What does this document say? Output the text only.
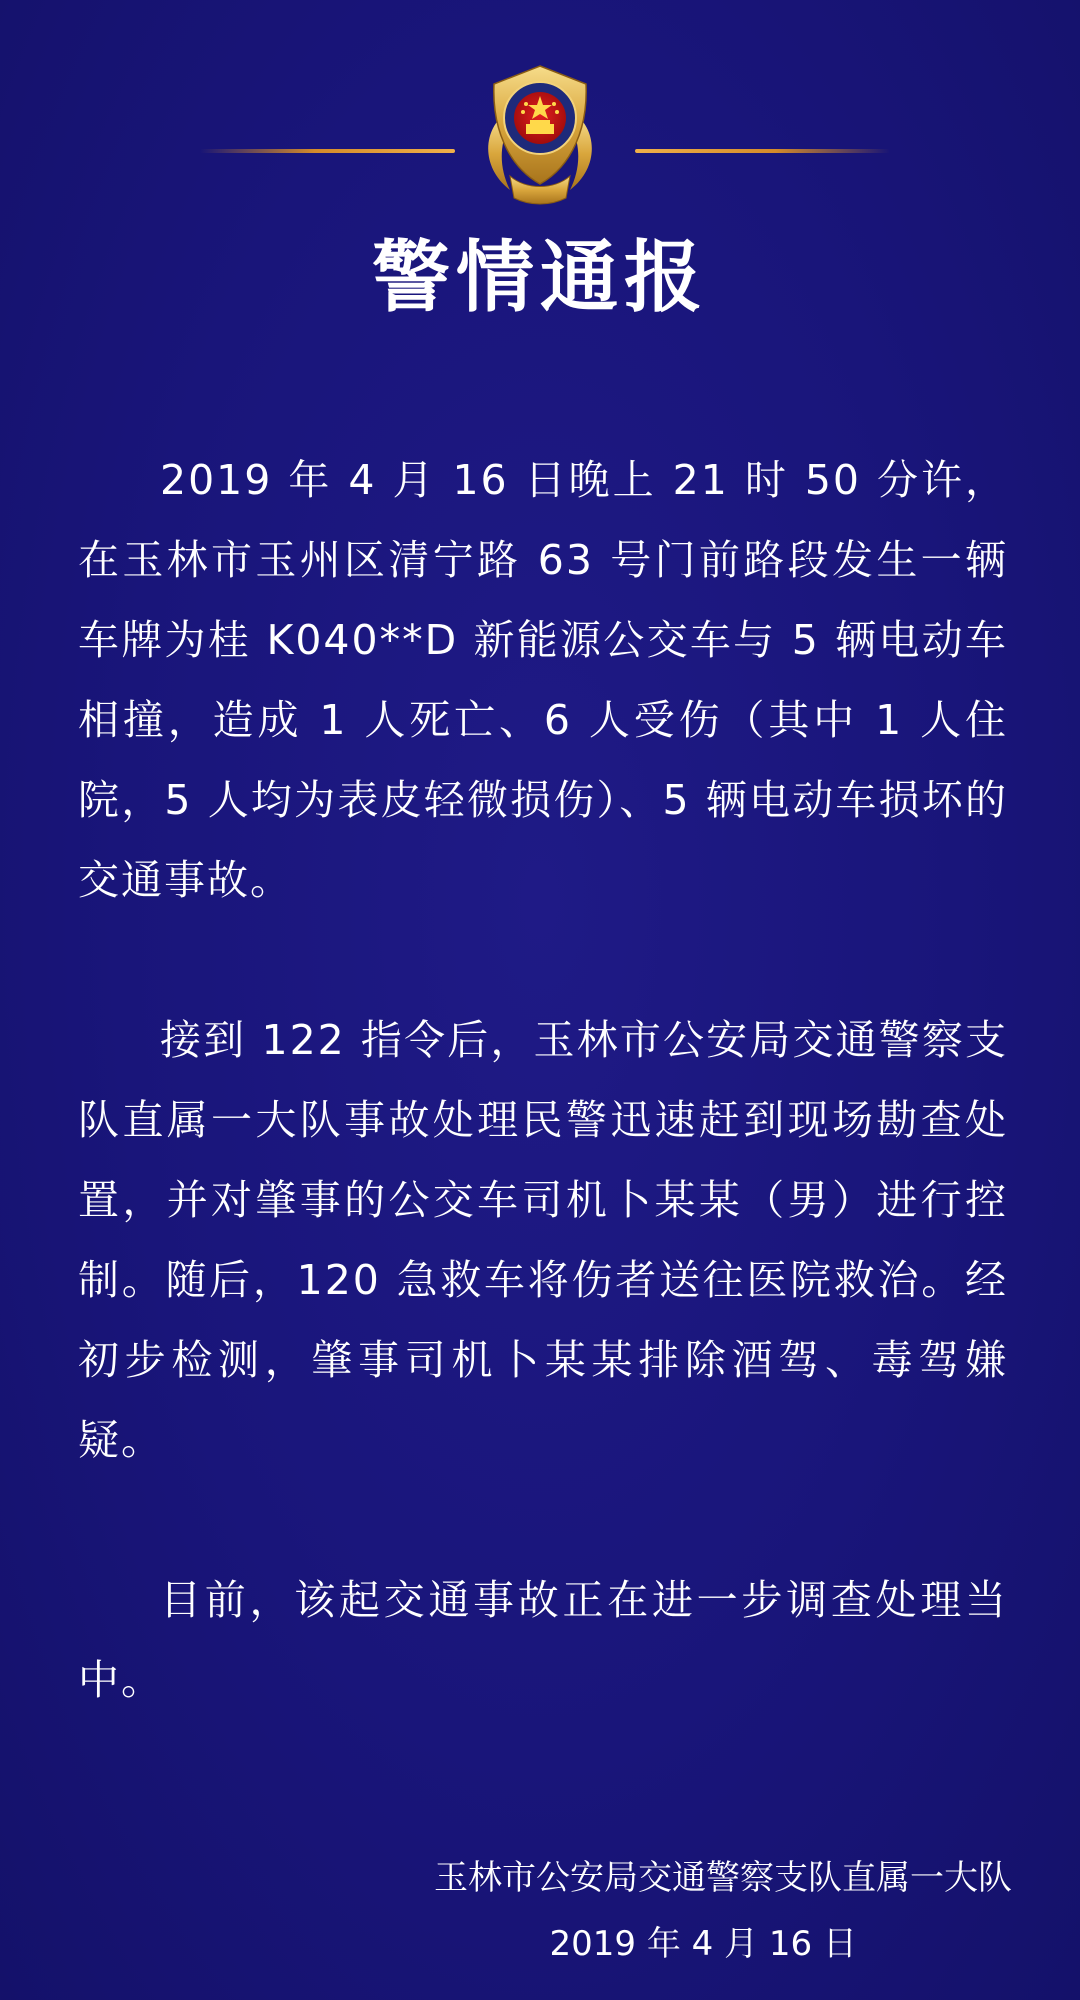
警情通报

2019 年 4 月 16 日晚上 21 时 50 分许，在玉林市玉州区清宁路 63 号门前路段发生一辆车牌为桂 K040**D 新能源公交车与 5 辆电动车相撞，造成 1 人死亡、6 人受伤（其中 1 人住院，5 人均为表皮轻微损伤）、5 辆电动车损坏的交通事故。

接到 122 指令后，玉林市公安局交通警察支队直属一大队事故处理民警迅速赶到现场勘查处置，并对肇事的公交车司机卜某某（男）进行控制。随后，120 急救车将伤者送往医院救治。经初步检测，肇事司机卜某某排除酒驾、毒驾嫌疑。

目前，该起交通事故正在进一步调查处理当中。

玉林市公安局交通警察支队直属一大队
2019 年 4 月 16 日
